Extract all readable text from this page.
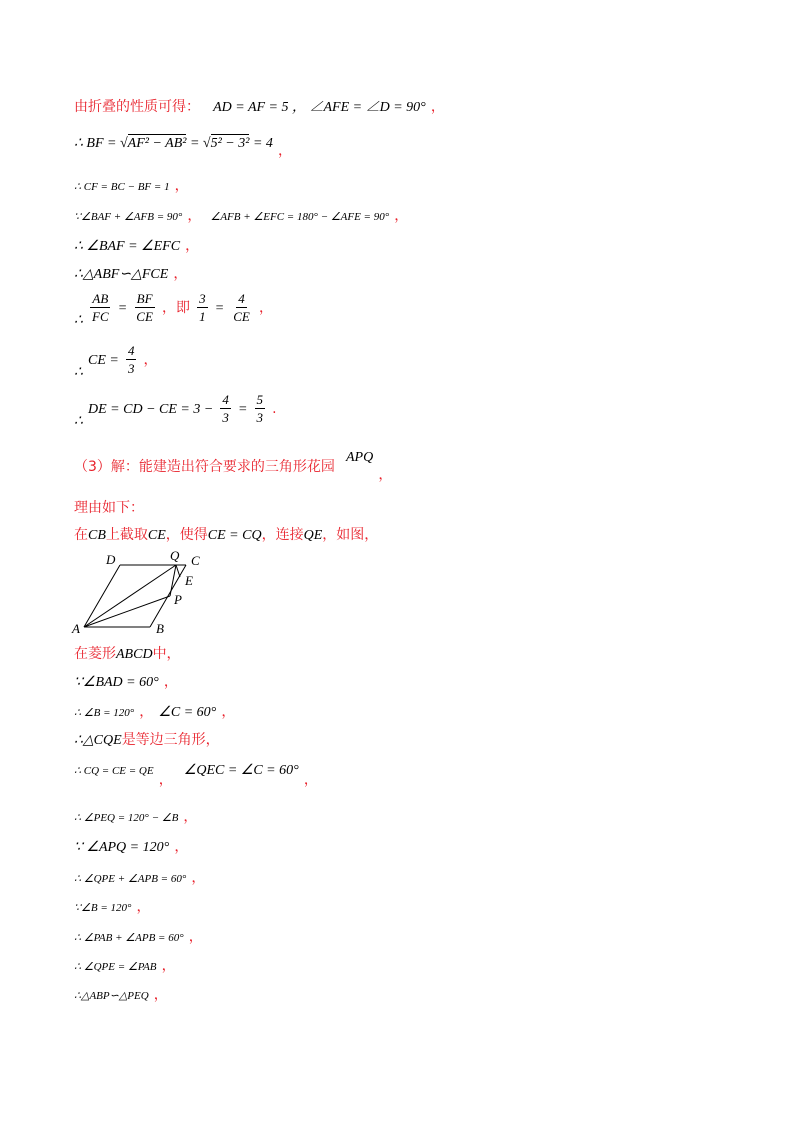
由折叠的性质可得： AD = AF = 5 ， ∠AFE = ∠D = 90° ，
∴ BF = √AF² − AB² = √5² − 3² = 4 ，
∴ CF = BC − BF = 1 ，
∵∠BAF + ∠AFB = 90° ， ∠AFB + ∠EFC = 180° − ∠AFE = 90° ，
∴ ∠BAF = ∠EFC ，
∴△ABF∽△FCE ，
∴ $\frac{AB}{FC} = \frac{BF}{CE}$ ，即 $\frac{3}{1} = \frac{4}{CE}$ ，
∴ CE = $\frac{4}{3}$ ，
∴ DE = CD − CE = $3 - \frac{4}{3} = \frac{5}{3}$ .
（3）解：能建造出符合要求的三角形花园 APQ ，
理由如下：
在CB上截取CE，使得CE = CQ，连接QE，如图，
D	Q C
E
P
A	B
在菱形ABCD中，
∵∠BAD = 60° ，
∴ ∠B = 120° ， ∠C = 60° ，
∴△CQE是等边三角形，
∴ CQ = CE = QE ， ∠QEC = ∠C = 60° ，
∴ ∠PEQ = 120° − ∠B ，
∵ ∠APQ = 120° ，
∴ ∠QPE + ∠APB = 60° ，
∵∠B = 120° ，
∴ ∠PAB + ∠APB = 60° ，
∴ ∠QPE = ∠PAB ，
∴△ABP∽△PEQ ，
